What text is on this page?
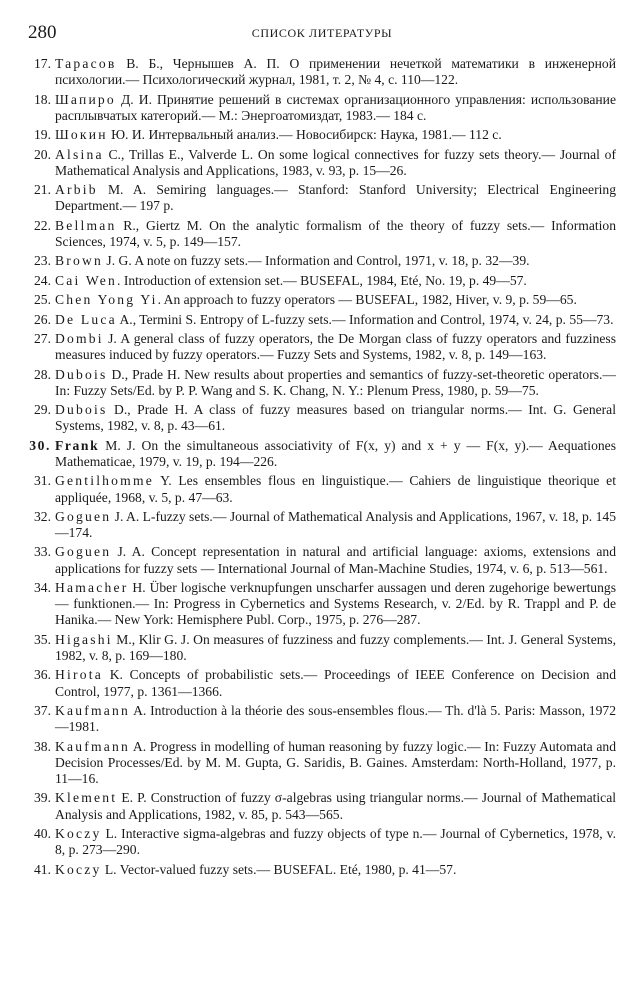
280	СПИСОК ЛИТЕРАТУРЫ
17. Тарасов В. Б., Чернышев А. П. О применении нечеткой математики в инженерной психологии.— Психологический журнал, 1981, т. 2, № 4, с. 110—122.
18. Шапиро Д. И. Принятие решений в системах организационного управления: использование расплывчатых категорий.— М.: Энергоатомиздат, 1983.— 184 с.
19. Шокин Ю. И. Интервальный анализ.— Новосибирск: Наука, 1981.— 112 с.
20. Alsina C., Trillas E., Valverde L. On some logical connectives for fuzzy sets theory.— Journal of Mathematical Analysis and Applications, 1983, v. 93, p. 15—26.
21. Arbib M. A. Semiring languages.— Stanford: Stanford University; Electrical Engineering Department.— 197 p.
22. Bellman R., Giertz M. On the analytic formalism of the theory of fuzzy sets.— Information Sciences, 1974, v. 5, p. 149—157.
23. Brown J. G. A note on fuzzy sets.— Information and Control, 1971, v. 18, p. 32—39.
24. Cai Wen. Introduction of extension set.— BUSEFAL, 1984, Eté, No. 19, p. 49—57.
25. Chen Yong Yi. An approach to fuzzy operators — BUSEFAL, 1982, Hiver, v. 9, p. 59—65.
26. De Luca A., Termini S. Entropy of L-fuzzy sets.— Information and Control, 1974, v. 24, p. 55—73.
27. Dombi J. A general class of fuzzy operators, the De Morgan class of fuzzy operators and fuzziness measures induced by fuzzy operators.— Fuzzy Sets and Systems, 1982, v. 8, p. 149—163.
28. Dubois D., Prade H. New results about properties and semantics of fuzzy-set-theoretic operators.— In: Fuzzy Sets/Ed. by P. P. Wang and S. K. Chang, N. Y.: Plenum Press, 1980, p. 59—75.
29. Dubois D., Prade H. A class of fuzzy measures based on triangular norms.— Int. G. General Systems, 1982, v. 8, p. 43—61.
30. Frank M. J. On the simultaneous associativity of F(x, y) and x + y — F(x, y).— Aequationes Mathematicae, 1979, v. 19, p. 194—226.
31. Gentilhomme Y. Les ensembles flous en linguistique.— Cahiers de linguistique theorique et appliquée, 1968, v. 5, p. 47—63.
32. Goguen J. A. L-fuzzy sets.— Journal of Mathematical Analysis and Applications, 1967, v. 18, p. 145—174.
33. Goguen J. A. Concept representation in natural and artificial language: axioms, extensions and applications for fuzzy sets — International Journal of Man-Machine Studies, 1974, v. 6, p. 513—561.
34. Hamacher H. Über logische verknupfungen unscharfer aussagen und deren zugehorige bewertungs — funktionen.— In: Progress in Cybernetics and Systems Research, v. 2/Ed. by R. Trappl and P. de Hanika.— New York: Hemisphere Publ. Corp., 1975, p. 276—287.
35. Higashi M., Klir G. J. On measures of fuzziness and fuzzy complements.— Int. J. General Systems, 1982, v. 8, p. 169—180.
36. Hirota K. Concepts of probabilistic sets.— Proceedings of IEEE Conference on Decision and Control, 1977, p. 1361—1366.
37. Kaufmann A. Introduction à la théorie des sous-ensembles flous.— Th. d'là 5. Paris: Masson, 1972—1981.
38. Kaufmann A. Progress in modelling of human reasoning by fuzzy logic.— In: Fuzzy Automata and Decision Processes/Ed. by M. M. Gupta, G. Saridis, B. Gaines. Amsterdam: North-Holland, 1977, p. 11—16.
39. Klement E. P. Construction of fuzzy σ-algebras using triangular norms.— Journal of Mathematical Analysis and Applications, 1982, v. 85, p. 543—565.
40. Koczy L. Interactive sigma-algebras and fuzzy objects of type n.— Journal of Cybernetics, 1978, v. 8, p. 273—290.
41. Koczy L. Vector-valued fuzzy sets.— BUSEFAL. Eté, 1980, p. 41—57.
